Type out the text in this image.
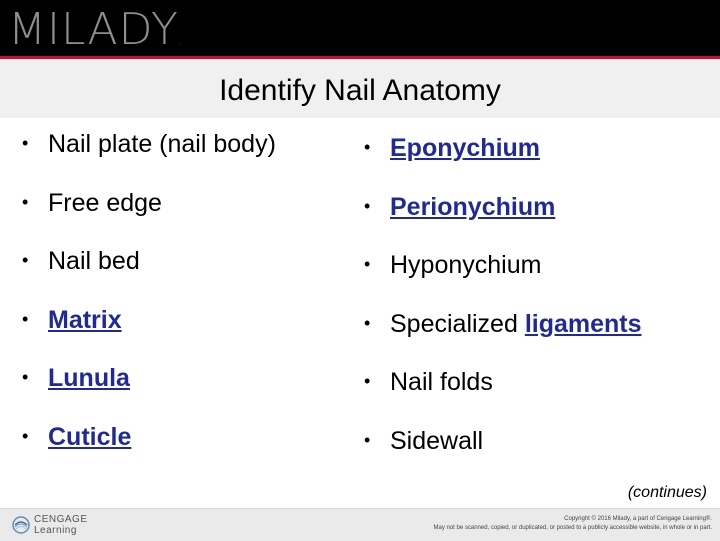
MILADY.
Identify Nail Anatomy
• Nail plate (nail body)
• Free edge
• Nail bed
• Matrix
• Lunula
• Cuticle
• Eponychium
• Perionychium
• Hyponychium
• Specialized ligaments
• Nail folds
• Sidewall
(continues)
CENGAGE
Learning
Copyright © 2016 Milady, a part of Cengage Learning®.
May not be scanned, copied, or duplicated, or posted to a publicly accessible website, in whole or in part.
